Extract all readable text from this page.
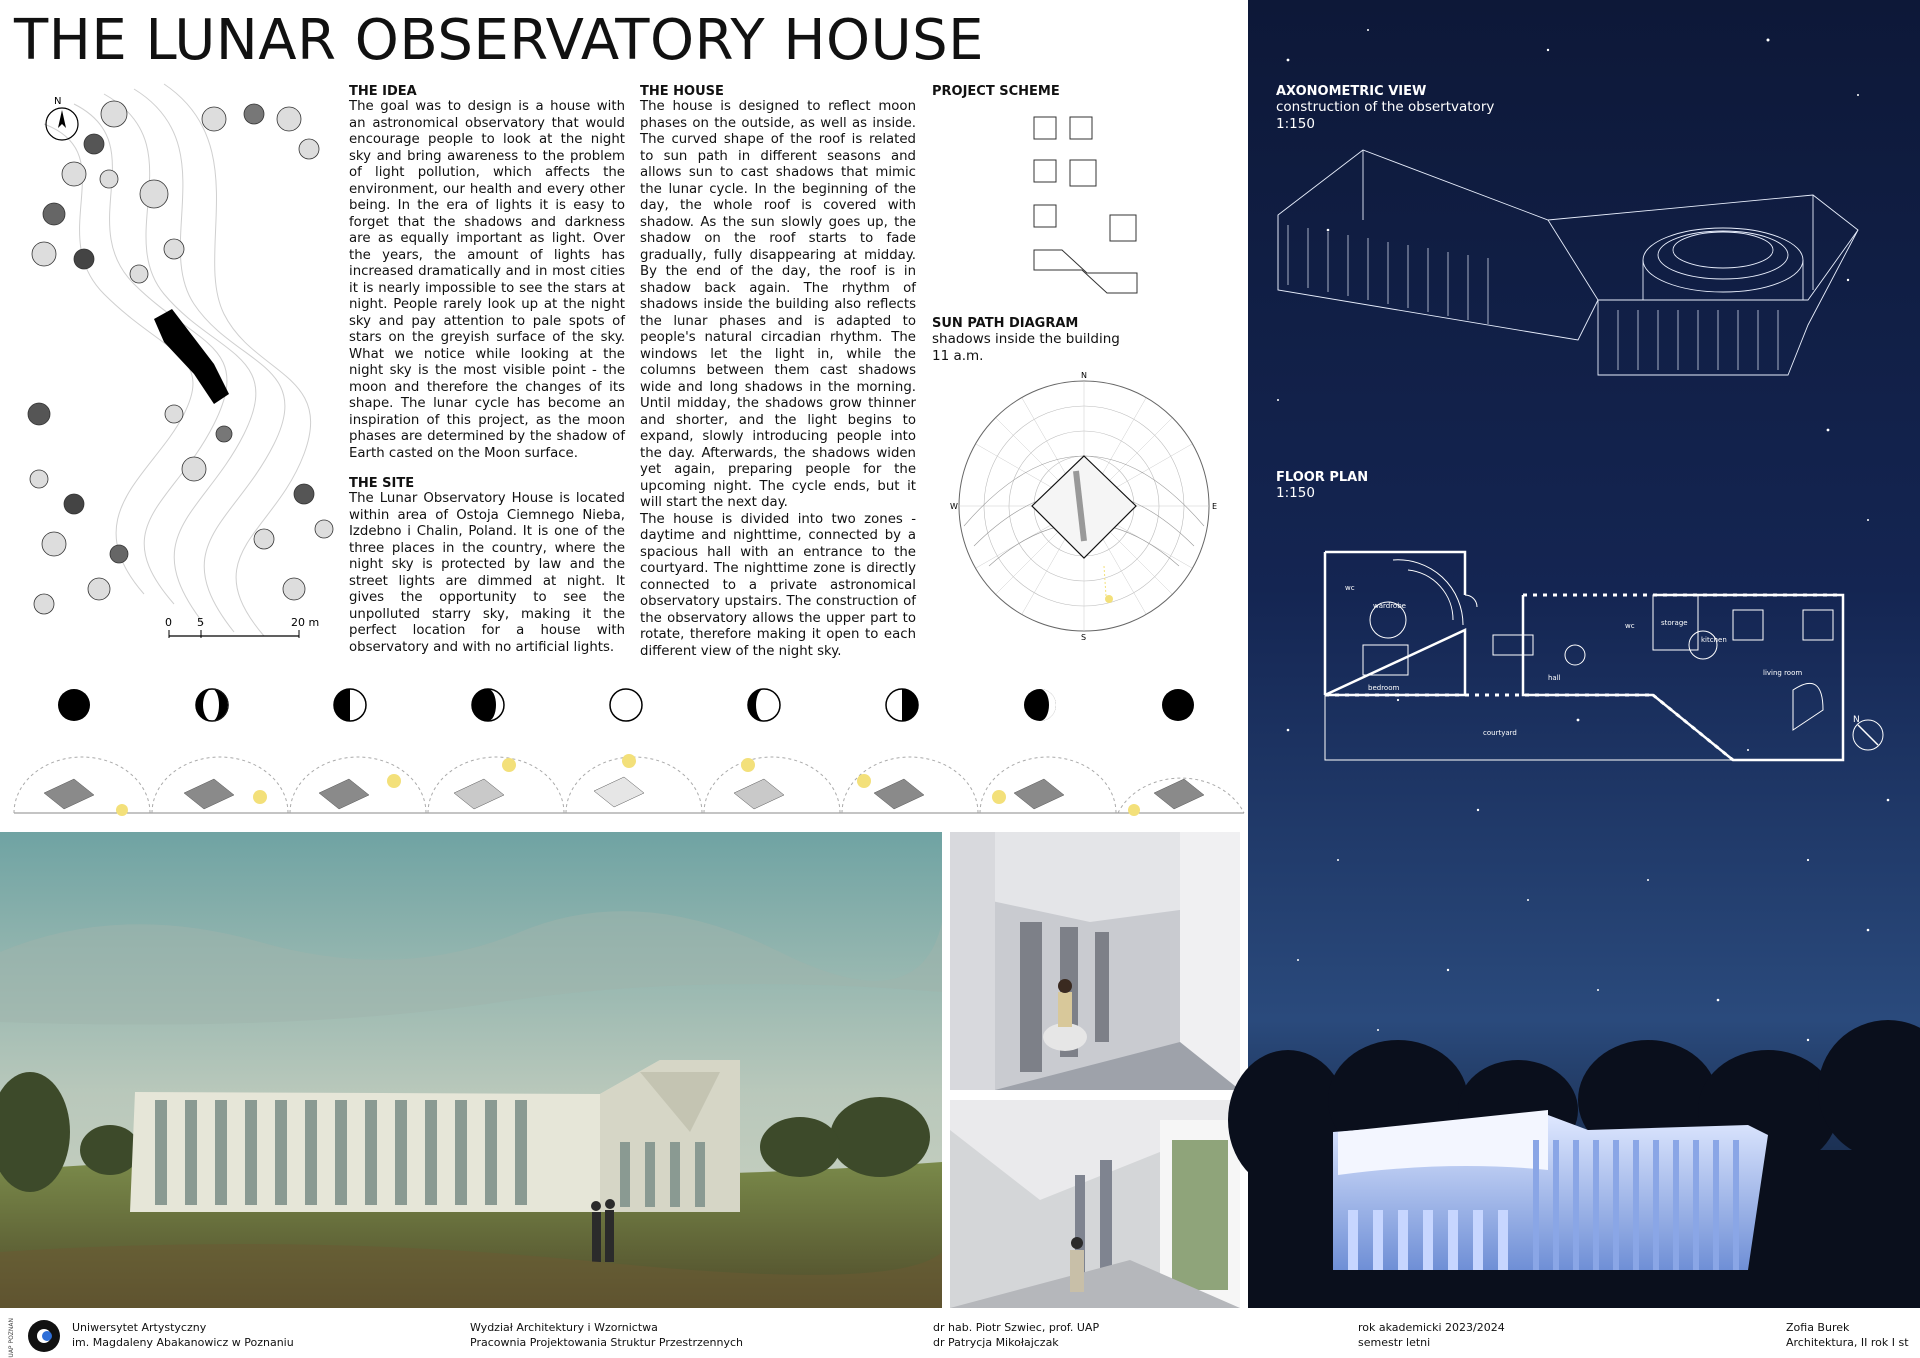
THE LUNAR OBSERVATORY HOUSE
N
0 5	20 m
THE IDEA
The goal was to design is a house with an astronomical observatory that would encourage people to look at the night sky and bring awareness to the problem of light pollution, which affects the environment, our health and every other being. In the era of lights it is easy to forget that the shadows and darkness are as equally important as light. Over the years, the amount of lights has increased dramatically and in most cities it is nearly impossible to see the stars at night. People rarely look up at the night sky and pay attention to pale spots of stars on the greyish surface of the sky. What we notice while looking at the night sky is the most visible point - the moon and therefore the changes of its shape. The lunar cycle has become an inspiration of this project, as the moon phases are determined by the shadow of Earth casted on the Moon surface.
THE SITE
The Lunar Observatory House is located within area of Ostoja Ciemnego Nieba, Izdebno i Chalin, Poland. It is one of the three places in the country, where the night sky is protected by law and the street lights are dimmed at night. It gives the opportunity to see the unpolluted starry sky, making it the perfect location for a house with observatory and with no artificial lights.
THE HOUSE
The house is designed to reflect moon phases on the outside, as well as inside. The curved shape of the roof is related to sun path in different seasons and allows sun to cast shadows that mimic the lunar cycle. In the beginning of the day, the whole roof is covered with shadow. As the sun slowly goes up, the shadow on the roof starts to fade gradually, fully disappearing at midday. By the end of the day, the roof is in shadow back again. The rhythm of shadows inside the building also reflects the lunar phases and is adapted to people's natural circadian rhythm. The windows let the light in, while the columns between them cast shadows wide and long shadows in the morning. Until midday, the shadows grow thinner and shorter, and the light begins to expand, slowly introducing people into the day. Afterwards, the shadows widen yet again, preparing people for the upcoming night. The cycle ends, but it will start the next day.
The house is divided into two zones - daytime and nighttime, connected by a spacious hall with an entrance to the courtyard. The nighttime zone is directly connected to a private astronomical observatory upstairs. The construction of the observatory allows the upper part to rotate, therefore making it open to each different view of the night sky.
PROJECT SCHEME
SUN PATH DIAGRAM
shadows inside the building
11 a.m.
N
E
S
W
AXONOMETRIC VIEW
construction of the obsertvatory
1:150
FLOOR PLAN
1:150
wc
wardrobe
bedroom
hall
wc	storage
kitchen
living room
courtyard
N
UAP POZNAN	Uniwersytet Artystyczny
im. Magdaleny Abakanowicz w Poznaniu
Wydział Architektury i Wzornictwa
Pracownia Projektowania Struktur Przestrzennych
dr hab. Piotr Szwiec, prof. UAP
dr Patrycja Mikołajczak
rok akademicki 2023/2024
semestr letni
Zofia Burek
Architektura, II rok I st
